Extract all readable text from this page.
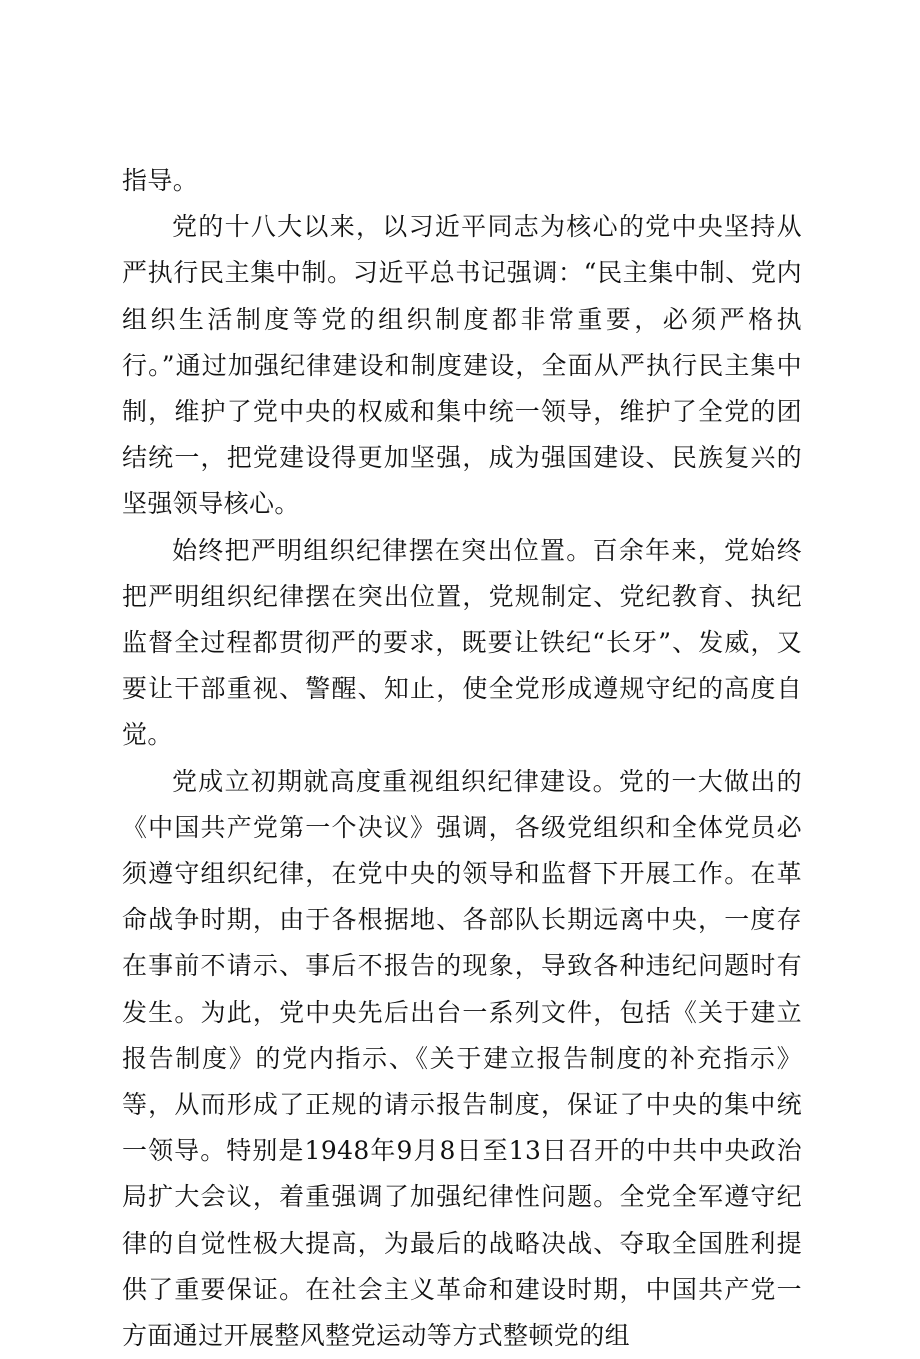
指导。

党的十八大以来，以习近平同志为核心的党中央坚持从严执行民主集中制。习近平总书记强调：“民主集中制、党内组织生活制度等党的组织制度都非常重要，必须严格执行。”通过加强纪律建设和制度建设，全面从严执行民主集中制，维护了党中央的权威和集中统一领导，维护了全党的团结统一，把党建设得更加坚强，成为强国建设、民族复兴的坚强领导核心。

始终把严明组织纪律摆在突出位置。百余年来，党始终把严明组织纪律摆在突出位置，党规制定、党纪教育、执纪监督全过程都贯彻严的要求，既要让铁纪“长牙”、发威，又要让干部重视、警醒、知止，使全党形成遵规守纪的高度自觉。

党成立初期就高度重视组织纪律建设。党的一大做出的《中国共产党第一个决议》强调，各级党组织和全体党员必须遵守组织纪律，在党中央的领导和监督下开展工作。在革命战争时期，由于各根据地、各部队长期远离中央，一度存在事前不请示、事后不报告的现象，导致各种违纪问题时有发生。为此，党中央先后出台一系列文件，包括《关于建立报告制度》的党内指示、《关于建立报告制度的补充指示》等，从而形成了正规的请示报告制度，保证了中央的集中统一领导。特别是1948年9月8日至13日召开的中共中央政治局扩大会议，着重强调了加强纪律性问题。全党全军遵守纪律的自觉性极大提高，为最后的战略决战、夺取全国胜利提供了重要保证。在社会主义革命和建设时期，中国共产党一方面通过开展整风整党运动等方式整顿党的组
